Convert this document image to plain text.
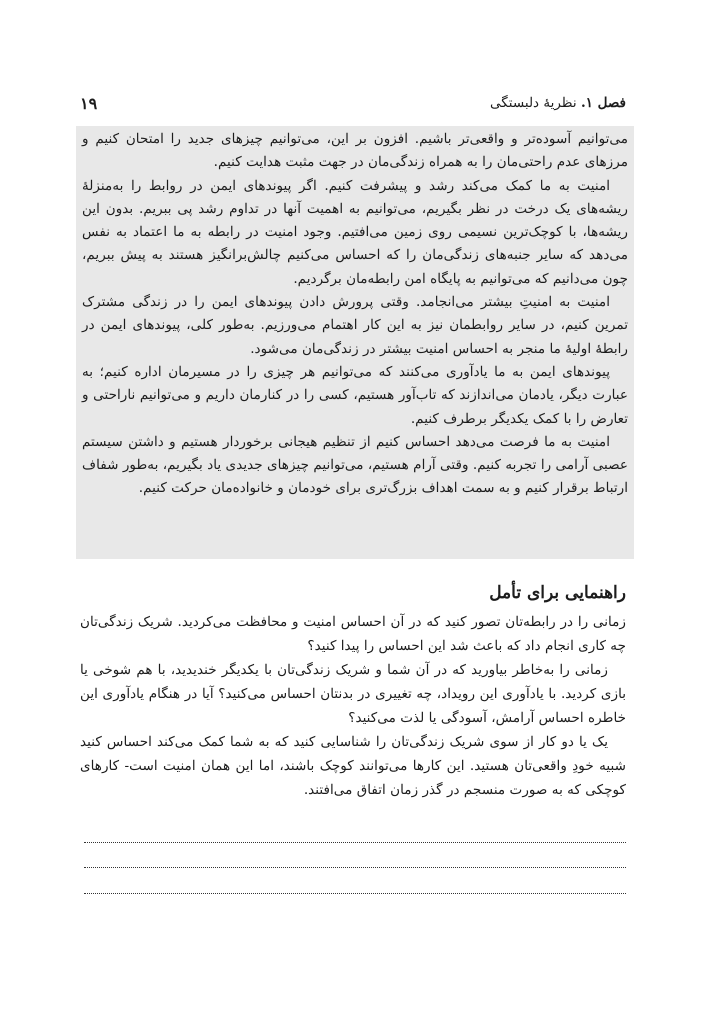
فصل ۱. نظریهٔ دلبستگی
۱۹

می‌توانیم آسوده‌تر و واقعی‌تر باشیم. افزون بر این، می‌توانیم چیزهای جدید را امتحان کنیم و مرزهای عدم راحتی‌مان را به همراه زندگی‌مان در جهت مثبت هدایت کنیم.

امنیت به ما کمک می‌کند رشد و پیشرفت کنیم. اگر پیوندهای ایمن در روابط را به‌منزلهٔ ریشه‌های یک درخت در نظر بگیریم، می‌توانیم به اهمیت آنها در تداوم رشد پی ببریم. بدون این ریشه‌ها، با کوچک‌ترین نسیمی روی زمین می‌افتیم. وجود امنیت در رابطه به ما اعتماد به نفس می‌دهد که سایر جنبه‌های زندگی‌مان را که احساس می‌کنیم چالش‌برانگیز هستند به پیش ببریم، چون می‌دانیم که می‌توانیم به پایگاه امن رابطه‌مان برگردیم.

امنیت به امنیتِ بیشتر می‌انجامد. وقتی پرورش دادن پیوندهای ایمن را در زندگی مشترک تمرین کنیم، در سایر روابطمان نیز به این کار اهتمام می‌ورزیم. به‌طور کلی، پیوندهای ایمن در رابطهٔ اولیهٔ ما منجر به احساس امنیت بیشتر در زندگی‌مان می‌شود.

پیوندهای ایمن به ما یادآوری می‌کنند که می‌توانیم هر چیزی را در مسیرمان اداره کنیم؛ به عبارت دیگر، یادمان می‌اندازند که تاب‌آور هستیم، کسی را در کنارمان داریم و می‌توانیم ناراحتی و تعارض را با کمک یکدیگر برطرف کنیم.

امنیت به ما فرصت می‌دهد احساس کنیم از تنظیم هیجانی برخوردار هستیم و داشتن سیستم عصبی آرامی را تجربه کنیم. وقتی آرام هستیم، می‌توانیم چیزهای جدیدی یاد بگیریم، به‌طور شفاف ارتباط برقرار کنیم و به سمت اهداف بزرگ‌تری برای خودمان و خانواده‌مان حرکت کنیم.

راهنمایی برای تأمل

زمانی را در رابطه‌تان تصور کنید که در آن احساس امنیت و محافظت می‌کردید. شریک زندگی‌تان چه کاری انجام داد که باعث شد این احساس را پیدا کنید؟

زمانی را به‌خاطر بیاورید که در آن شما و شریک زندگی‌تان با یکدیگر خندیدید، با هم شوخی یا بازی کردید. با یادآوری این رویداد، چه تغییری در بدنتان احساس می‌کنید؟ آیا در هنگام یادآوری این خاطره احساس آرامش، آسودگی یا لذت می‌کنید؟

یک یا دو کار از سوی شریک زندگی‌تان را شناسایی کنید که به شما کمک می‌کند احساس کنید شبیه خودِ واقعی‌تان هستید. این کارها می‌توانند کوچک باشند، اما این همان امنیت است- کارهای کوچکی که به صورت منسجم در گذر زمان اتفاق می‌افتند.
